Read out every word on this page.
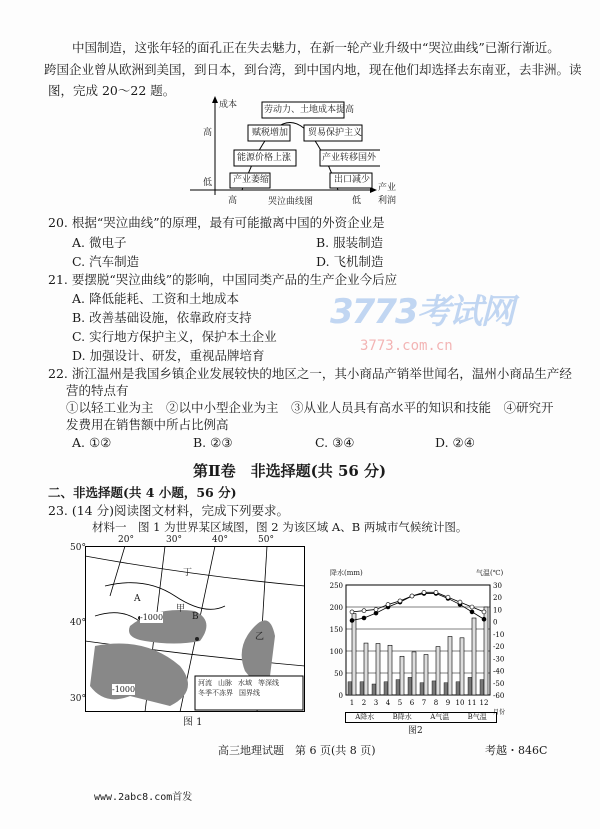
中国制造，这张年轻的面孔正在失去魅力，在新一轮产业升级中“哭泣曲线”已渐行渐近。
跨国企业曾从欧洲到美国，到日本，到台湾，到中国内地，现在他们却选择去东南亚，去非洲。读
图，完成 20～22 题。
劳动力、土地成本提高
赋税增加 贸易保护主义
能源价格上涨	产业转移国外
产业萎缩	出口减少
成本
高
低	产业
利润
高	哭泣曲线图	低
20. 根据“哭泣曲线”的原理，最有可能撤离中国的外资企业是
A. 微电子	B. 服装制造
C. 汽车制造	D. 飞机制造
21. 要摆脱“哭泣曲线”的影响，中国同类产品的生产企业今后应
A. 降低能耗、工资和土地成本
B. 改善基础设施，依靠政府支持
C. 实行地方保护主义，保护本土企业
D. 加强设计、研发，重视品牌培育
3773考试网
3773.com.cn
22. 浙江温州是我国乡镇企业发展较快的地区之一，其小商品产销举世闻名，温州小商品生产经
营的特点有
①以轻工业为主　②以中小型企业为主　③从业人员具有高水平的知识和技能　④研究开
发费用在销售额中所占比例高
A. ①②	B. ②③	C. ③④	D. ②④
第Ⅱ卷　非选择题(共 56 分)
二、非选择题(共 4 小题，56 分)
23. (14 分)阅读图文材料，完成下列要求。
材料一　图 1 为世界某区域图，图 2 为该区域 A、B 两城市气候统计图。
50°
40°
30°
20°	30°	40°	50°
A
B
甲
乙
丁
-1000
-1000
河流 山脉 水域 等深线
冬季不冻界 国界线
图 1
0
50
100
150
200
250
-60
-50
-40
-30
-20
-10
0
10
20
30
1 2 3 4 5 6 7 8 9 10 11 12
月份
降水(mm)	气温(℃)
A降水	B降水	A气温	B气温
图2
高三地理试题　第 6 页(共 8 页)	考越・846C
www.2abc8.com首发
